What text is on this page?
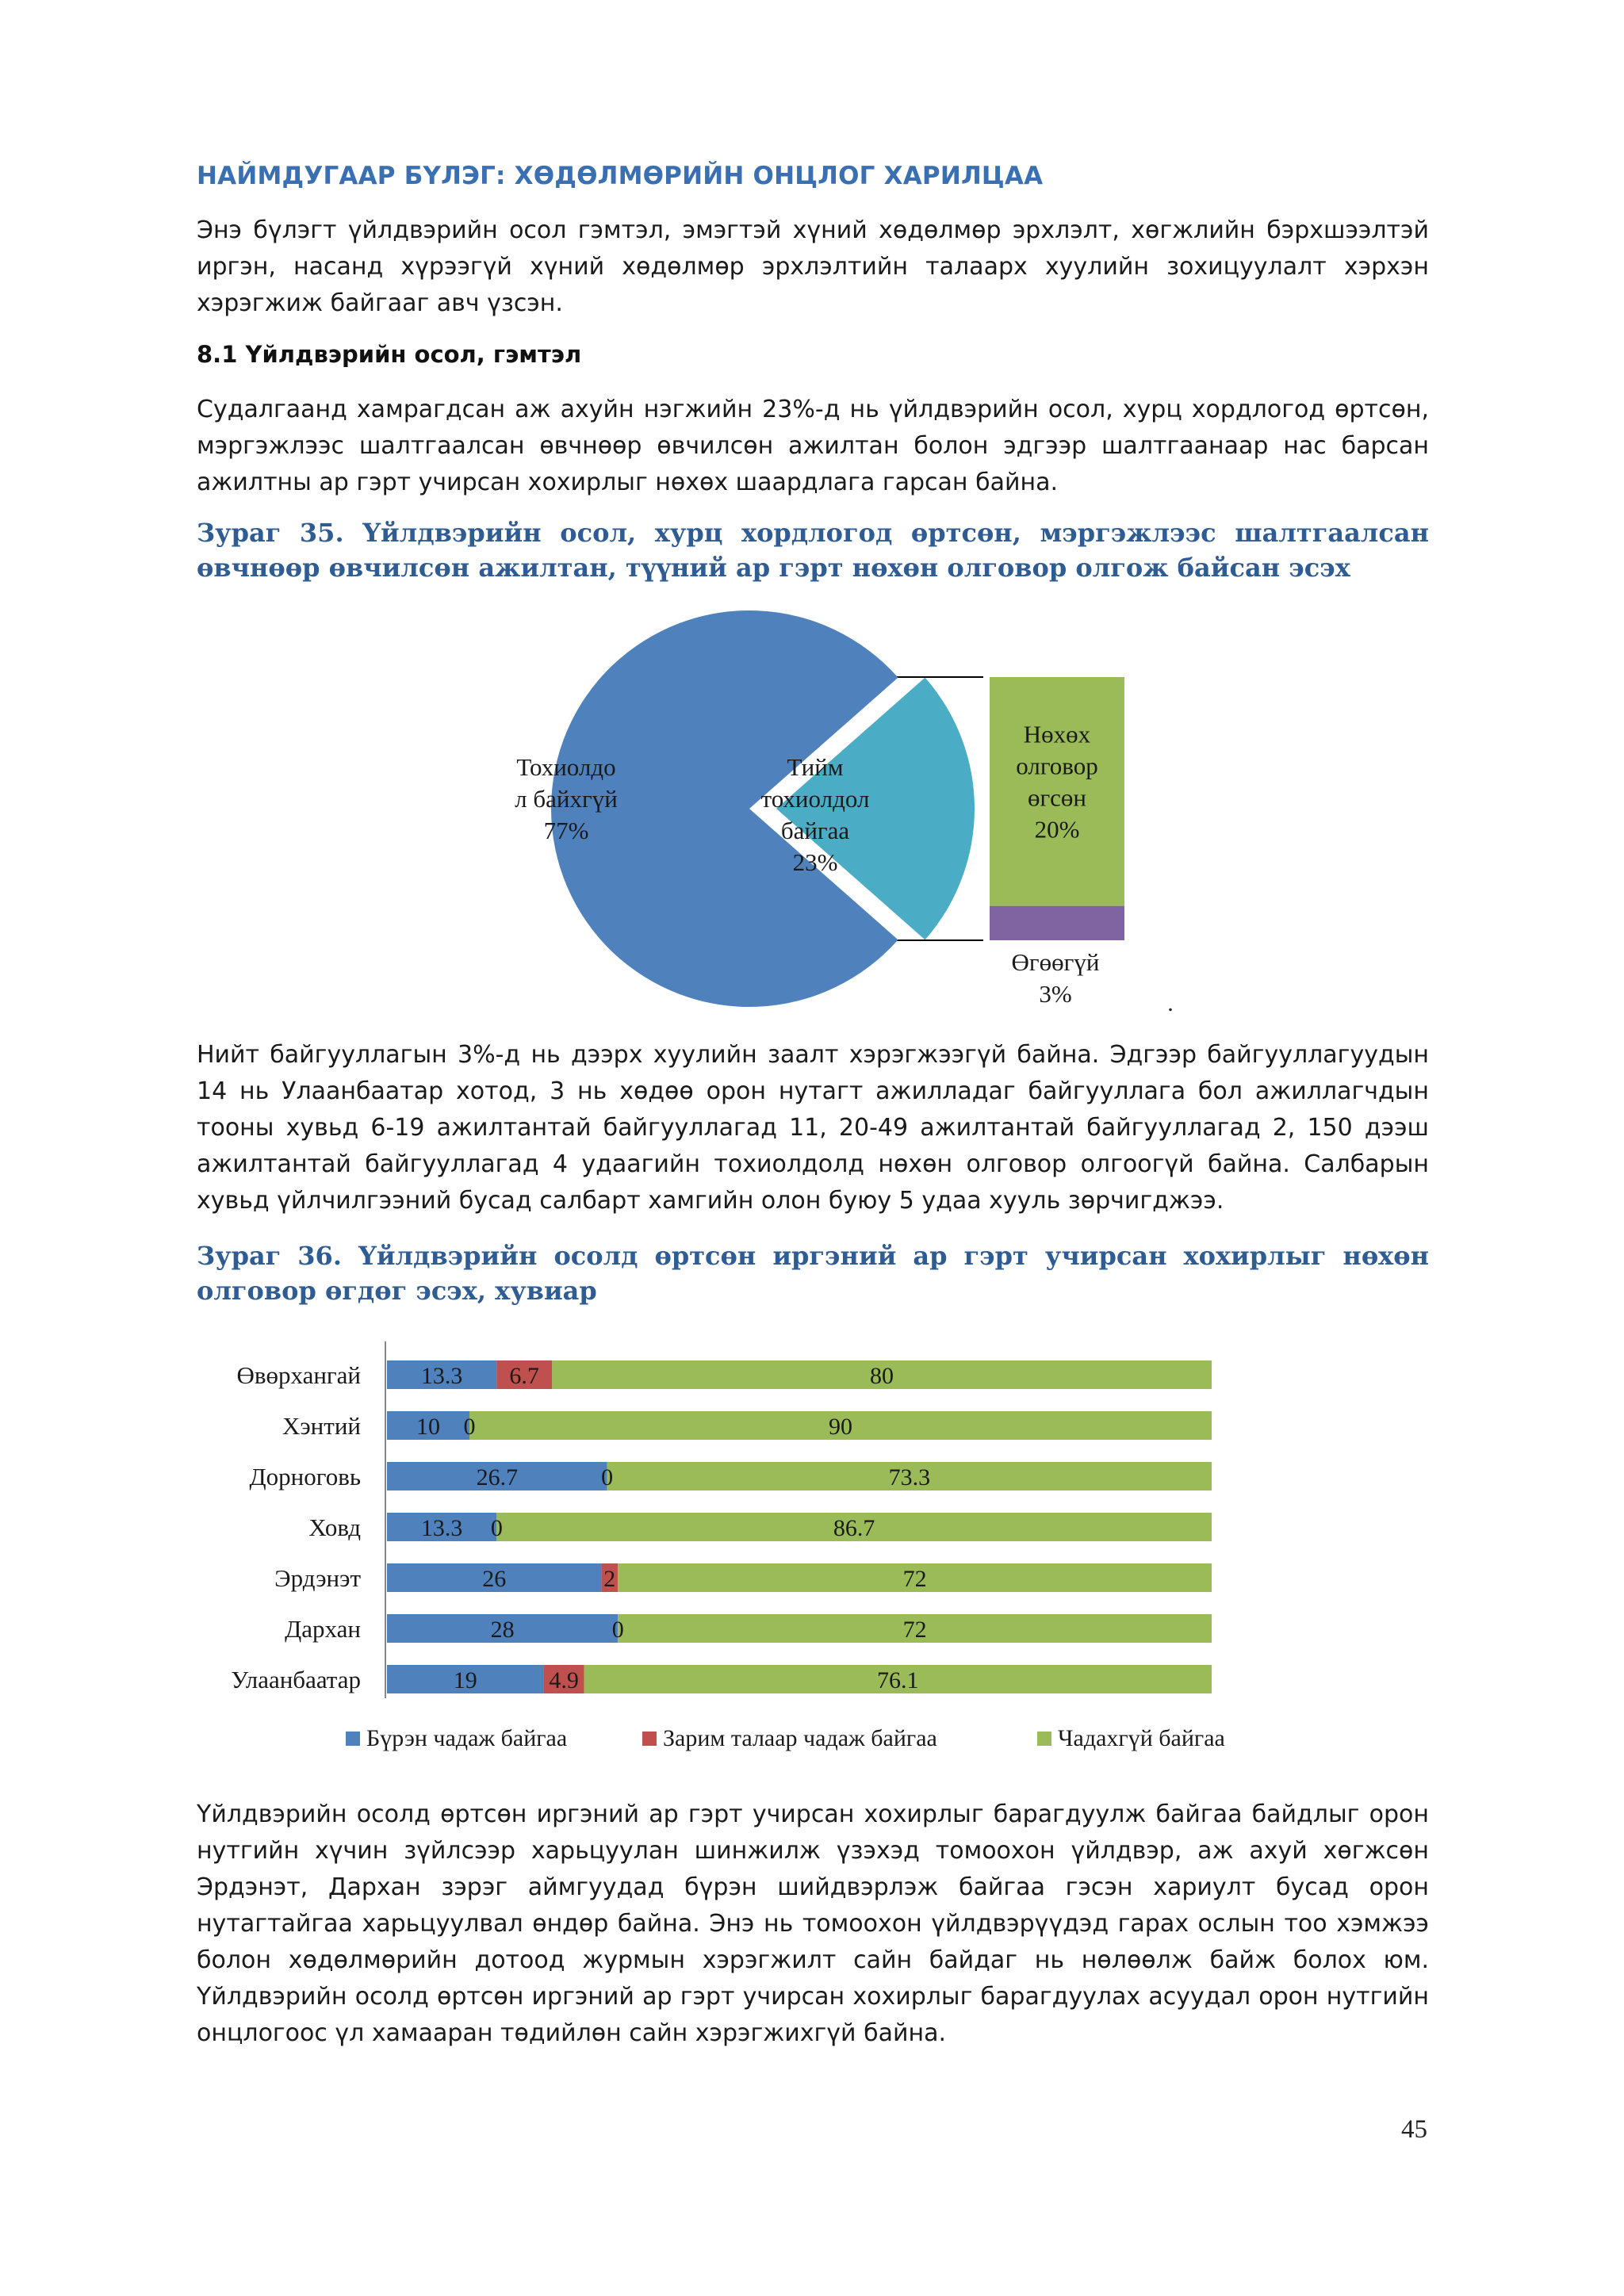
НАЙМДУГААР БҮЛЭГ: ХӨДӨЛМӨРИЙН ОНЦЛОГ ХАРИЛЦАА
Энэ бүлэгт үйлдвэрийн осол гэмтэл, эмэгтэй хүний хөдөлмөр эрхлэлт, хөгжлийн бэрхшээлтэй иргэн, насанд хүрээгүй хүний хөдөлмөр эрхлэлтийн талаарх хуулийн зохицуулалт хэрхэн хэрэгжиж байгааг авч үзсэн.
8.1 Үйлдвэрийн осол, гэмтэл
Судалгаанд хамрагдсан аж ахуйн нэгжийн 23%-д нь үйлдвэрийн осол, хурц хордлогод өртсөн, мэргэжлээс шалтгаалсан өвчнөөр өвчилсөн ажилтан болон эдгээр шалтгаанаар нас барсан ажилтны ар гэрт учирсан хохирлыг нөхөх шаардлага гарсан байна.
Зураг 35. Үйлдвэрийн осол, хурц хордлогод өртсөн, мэргэжлээс шалтгаалсан өвчнөөр өвчилсөн ажилтан, түүний ар гэрт нөхөн олговор олгож байсан эсэх
Тохиолдо л байхгүй 77%
Тийм тохиолдол байгаа 23%
Нөхөх олговор өгсөн 20%
Өгөөгүй 3%	.
Нийт байгууллагын 3%-д нь дээрх хуулийн заалт хэрэгжээгүй байна. Эдгээр байгууллагуудын 14 нь Улаанбаатар хотод, 3 нь хөдөө орон нутагт ажилладаг байгууллага бол ажиллагчдын тооны хувьд 6-19 ажилтантай байгууллагад 11, 20-49 ажилтантай байгууллагад 2, 150 дээш ажилтантай байгууллагад 4 удаагийн тохиолдолд нөхөн олговор олгоогүй байна. Салбарын хувьд үйлчилгээний бусад салбарт хамгийн олон буюу 5 удаа хууль зөрчигджээ.
Зураг 36. Үйлдвэрийн осолд өртсөн иргэний ар гэрт учирсан хохирлыг нөхөн олговор өгдөг эсэх, хувиар
Өвөрхангай
Хэнтий
Дорноговь
Ховд
Эрдэнэт
Дархан
Улаанбаатар
13.3 6.7	80
10 0	90
26.7	0	73.3
13.3 0	86.7
26	2	72
28	0	72
19	4.9	76.1
Бүрэн чадаж байгаа	Зарим талаар чадаж байгаа	Чадахгүй байгаа
Үйлдвэрийн осолд өртсөн иргэний ар гэрт учирсан хохирлыг барагдуулж байгаа байдлыг орон нутгийн хүчин зүйлсээр харьцуулан шинжилж үзэхэд томоохон үйлдвэр, аж ахуй хөгжсөн Эрдэнэт, Дархан зэрэг аймгуудад бүрэн шийдвэрлэж байгаа гэсэн хариулт бусад орон нутагтайгаа харьцуулвал өндөр байна. Энэ нь томоохон үйлдвэрүүдэд гарах ослын тоо хэмжээ болон хөдөлмөрийн дотоод журмын хэрэгжилт сайн байдаг нь нөлөөлж байж болох юм. Үйлдвэрийн осолд өртсөн иргэний ар гэрт учирсан хохирлыг барагдуулах асуудал орон нутгийн онцлогоос үл хамааран төдийлөн сайн хэрэгжихгүй байна.
45
